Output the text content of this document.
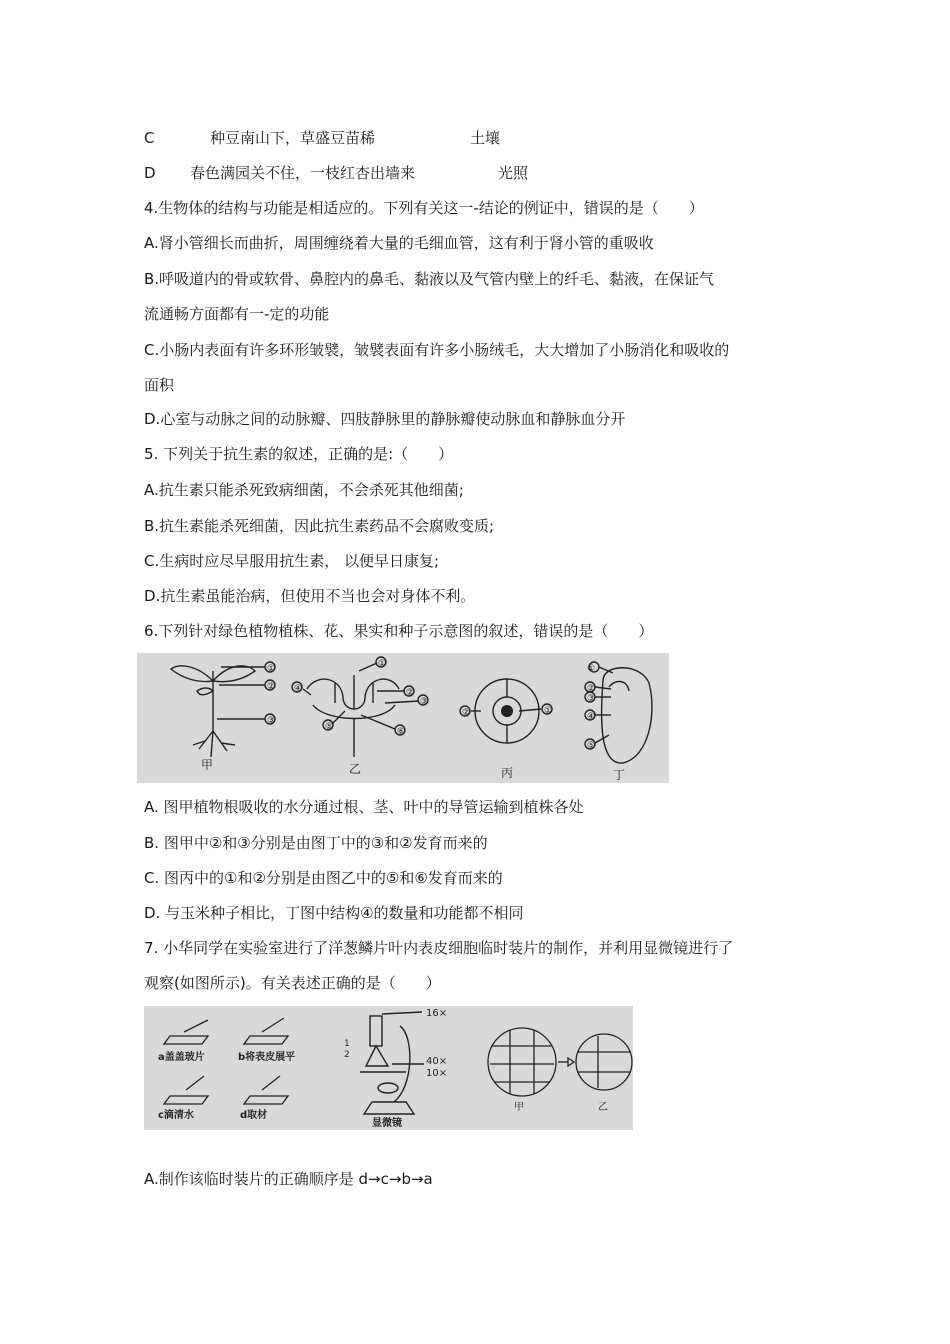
C	种豆南山下，草盛豆苗稀	土壤
D 春色满园关不住，一枝红杏出墙来	光照
4.生物体的结构与功能是相适应的。下列有关这一-结论的例证中，错误的是（　　）
A.肾小管细长而曲折，周围缠绕着大量的毛细血管，这有利于肾小管的重吸收
B.呼吸道内的骨或软骨、鼻腔内的鼻毛、黏液以及气管内壁上的纤毛、黏液，在保证气
流通畅方面都有一-定的功能
C.小肠内表面有许多环形皱襞，皱襞表面有许多小肠绒毛，大大增加了小肠消化和吸收的
面积
D.心室与动脉之间的动脉瓣、四肢静脉里的静脉瓣使动脉血和静脉血分开
5. 下列关于抗生素的叙述，正确的是:（　　）
A.抗生素只能杀死致病细菌，不会杀死其他细菌;
B.抗生素能杀死细菌，因此抗生素药品不会腐败变质;
C.生病时应尽早服用抗生素， 以便早日康复;
D.抗生素虽能治病，但使用不当也会对身体不利。
6.下列针对绿色植物植株、花、果实和种子示意图的叙述，错误的是（　　）
①
②
③
甲
①
②
③
④
⑤	⑥
乙
①
②
丙
①
②
③
④
⑤
丁
A. 图甲植物根吸收的水分通过根、茎、叶中的导管运输到植株各处
B. 图甲中②和③分别是由图丁中的③和②发育而来的
C. 图丙中的①和②分别是由图乙中的⑤和⑥发育而来的
D. 与玉米种子相比，丁图中结构④的数量和功能都不相同
7. 小华同学在实验室进行了洋葱鳞片叶内表皮细胞临时装片的制作，并利用显微镜进行了
观察(如图所示)。有关表述正确的是（　　）
a盖盖玻片	b将表皮展平
c滴清水	d取材
16×
40×
10×
1
2
显微镜
甲	乙
A.制作该临时装片的正确顺序是 d→c→b→a
